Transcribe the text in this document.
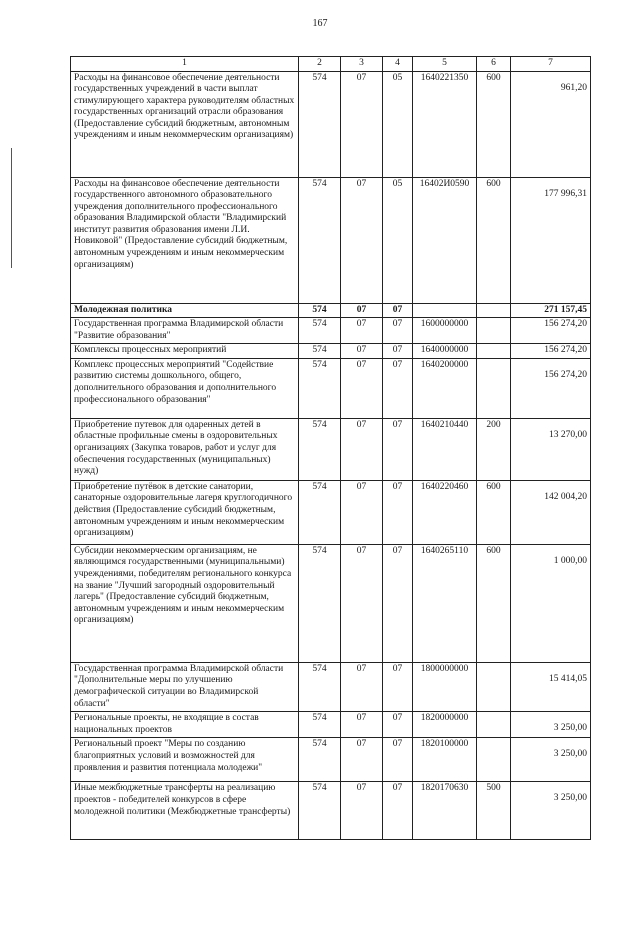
167
1	2	3	4	5	6	7
Расходы на финансовое обеспечение деятельности государственных учреждений в части выплат стимулирующего характера руководителям областных государственных организаций отрасли образования (Предоставление субсидий бюджетным, автономным учреждениям и иным некоммерческим организациям)	574	07	05	1640221350	600	961,20

Расходы на финансовое обеспечение деятельности государственного автономного образовательного учреждения дополнительного профессионального образования Владимирской области "Владимирский институт развития образования имени Л.И. Новиковой" (Предоставление субсидий бюджетным, автономным учреждениям и иным некоммерческим организациям)	574	07	05	16402И0590	600	177 996,31

Молодежная политика	574	07	07			271 157,45
Государственная программа Владимирской области "Развитие образования"	574	07	07	1600000000		156 274,20
Комплексы процессных мероприятий	574	07	07	1640000000		156 274,20
Комплекс процессных мероприятий "Содействие развитию системы дошкольного, общего, дополнительного образования и дополнительного профессионального образования"	574	07	07	1640200000		156 274,20

Приобретение путевок для одаренных детей в областные профильные смены в оздоровительных организациях (Закупка товаров, работ и услуг для обеспечения государственных (муниципальных) нужд)	574	07	07	1640210440	200	13 270,00

Приобретение путёвок в детские санатории, санаторные оздоровительные лагеря круглогодичного действия (Предоставление субсидий бюджетным, автономным учреждениям и иным некоммерческим организациям)	574	07	07	1640220460	600	142 004,20

Субсидии некоммерческим организациям, не являющимся государственными (муниципальными) учреждениями, победителям регионального конкурса на звание "Лучший загородный оздоровительный лагерь" (Предоставление субсидий бюджетным, автономным учреждениям и иным некоммерческим организациям)	574	07	07	1640265110	600	1 000,00

Государственная программа Владимирской области "Дополнительные меры по улучшению демографической ситуации во Владимирской области"	574	07	07	1800000000		15 414,05

Региональные проекты, не входящие в состав национальных проектов	574	07	07	1820000000		3 250,00

Региональный проект "Меры по созданию благоприятных условий и возможностей для проявления и развития потенциала молодежи"	574	07	07	1820100000		3 250,00

Иные межбюджетные трансферты на реализацию проектов - победителей конкурсов в сфере молодежной политики (Межбюджетные трансферты)	574	07	07	1820170630	500	3 250,00
